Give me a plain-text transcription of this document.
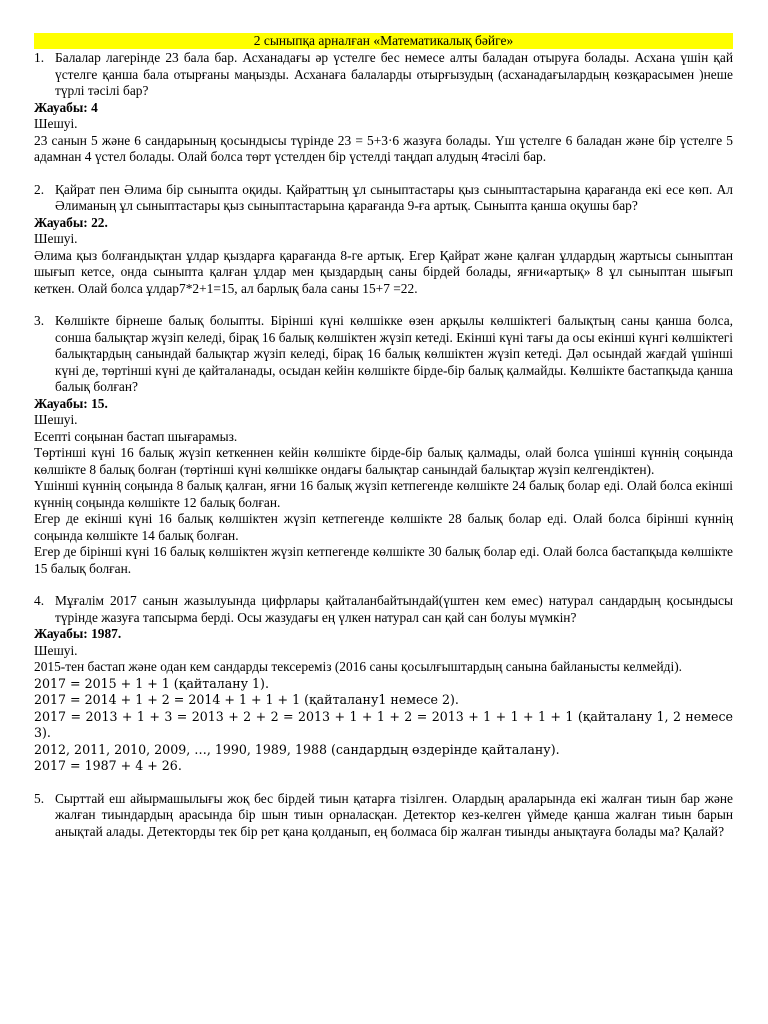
2 сыныпқа арналған «Математикалық бәйге»
1. Балалар лагерінде 23 бала бар. Асханадағы әр үстелге бес немесе алты баладан отыруға болады. Асхана үшін қай үстелге қанша бала отырғаны маңызды. Асханаға балаларды отырғызудың (асханадағылардың көзқарасымен )неше түрлі тәсілі бар?
Жауабы: 4
Шешуі.
23 санын 5 және 6 сандарының қосындысы түрінде 23 = 5+3·6 жазуға болады. Үш үстелге 6 баладан және бір үстелге 5 адамнан 4 үстел болады. Олай болса төрт үстелден бір үстелді таңдап алудың 4тәсілі бар.
2. Қайрат пен Әлима бір сыныпта оқиды. Қайраттың ұл сыныптастары қыз сыныптастарына қарағанда екі есе көп. Ал Әлиманың ұл сыныптастары қыз сыныптастарына қарағанда 9-ға артық. Сыныпта қанша оқушы бар?
Жауабы: 22.
Шешуі.
Әлима қыз болғандықтан ұлдар қыздарға қарағанда 8-ге артық. Егер Қайрат және қалған ұлдардың жартысы сыныптан шығып кетсе, онда сыныпта қалған ұлдар мен қыздардың саны бірдей болады, яғни«артық» 8 ұл сыныптан шығып кеткен. Олай болса ұлдар7*2+1=15, ал барлық бала саны 15+7 =22.
3. Көлшікте бірнеше балық болыпты. Бірінші күні көлшікке өзен арқылы көлшіктегі балықтың саны қанша болса, сонша балықтар жүзіп келеді, бірақ 16 балық көлшіктен жүзіп кетеді. Екінші күні тағы да осы екінші күнгі көлшіктегі балықтардың санындай балықтар жүзіп келеді, бірақ 16 балық көлшіктен жүзіп кетеді. Дәл осындай жағдай үшінші күні де, төртінші күні де қайталанады, осыдан кейін көлшікте бірде-бір балық қалмайды. Көлшікте бастапқыда қанша балық болған?
Жауабы: 15.
Шешуі.
Есепті соңынан бастап шығарамыз.
Төртінші күні 16 балық жүзіп кеткеннен кейін көлшікте бірде-бір балық қалмады, олай болса үшінші күннің соңында көлшікте 8 балық болған (төртінші күні көлшікке ондағы балықтар санындай балықтар жүзіп келгендіктен).
Үшінші күннің соңында 8 балық қалған, яғни 16 балық жүзіп кетпегенде көлшікте 24 балық болар еді. Олай болса екінші күннің соңында көлшікте 12 балық болған.
Егер де екінші күні 16 балық көлшіктен жүзіп кетпегенде көлшікте 28 балық болар еді. Олай болса бірінші күннің соңында көлшікте 14 балық болған.
Егер де бірінші күні 16 балық көлшіктен жүзіп кетпегенде көлшікте 30 балық болар еді. Олай болса бастапқыда көлшікте 15 балық болған.
4. Мұғалім 2017 санын жазылуында цифрлары қайталанбайтындай(үштен кем емес) натурал сандардың қосындысы түрінде жазуға тапсырма берді. Осы жазудағы ең үлкен натурал сан қай сан болуы мүмкін?
Жауабы: 1987.
Шешуі.
2015-тен бастап және одан кем сандарды тексереміз (2016 саны қосылғыштардың санына байланысты келмейді).
2017 = 2015 + 1 + 1 (қайталану 1).
2017 = 2014 + 1 + 2 = 2014 + 1 + 1 + 1 (қайталану1 немесе 2).
2017 = 2013 + 1 + 3 = 2013 + 2 + 2 = 2013 + 1 + 1 + 2 = 2013 + 1 + 1 + 1 + 1 (қайталану 1, 2 немесе 3).
2012, 2011, 2010, 2009, …, 1990, 1989, 1988 (сандардың өздерінде қайталану).
2017 = 1987 + 4 + 26.
5. Сырттай еш айырмашылығы жоқ бес бірдей тиын қатарға тізілген. Олардың араларында екі жалған тиын бар және жалған тиындардың арасында бір шын тиын орналасқан. Детектор кез-келген үймеде қанша жалған тиын барын анықтай алады. Детекторды тек бір рет қана қолданып, ең болмаса бір жалған тиынды анықтауға болады ма? Қалай?
